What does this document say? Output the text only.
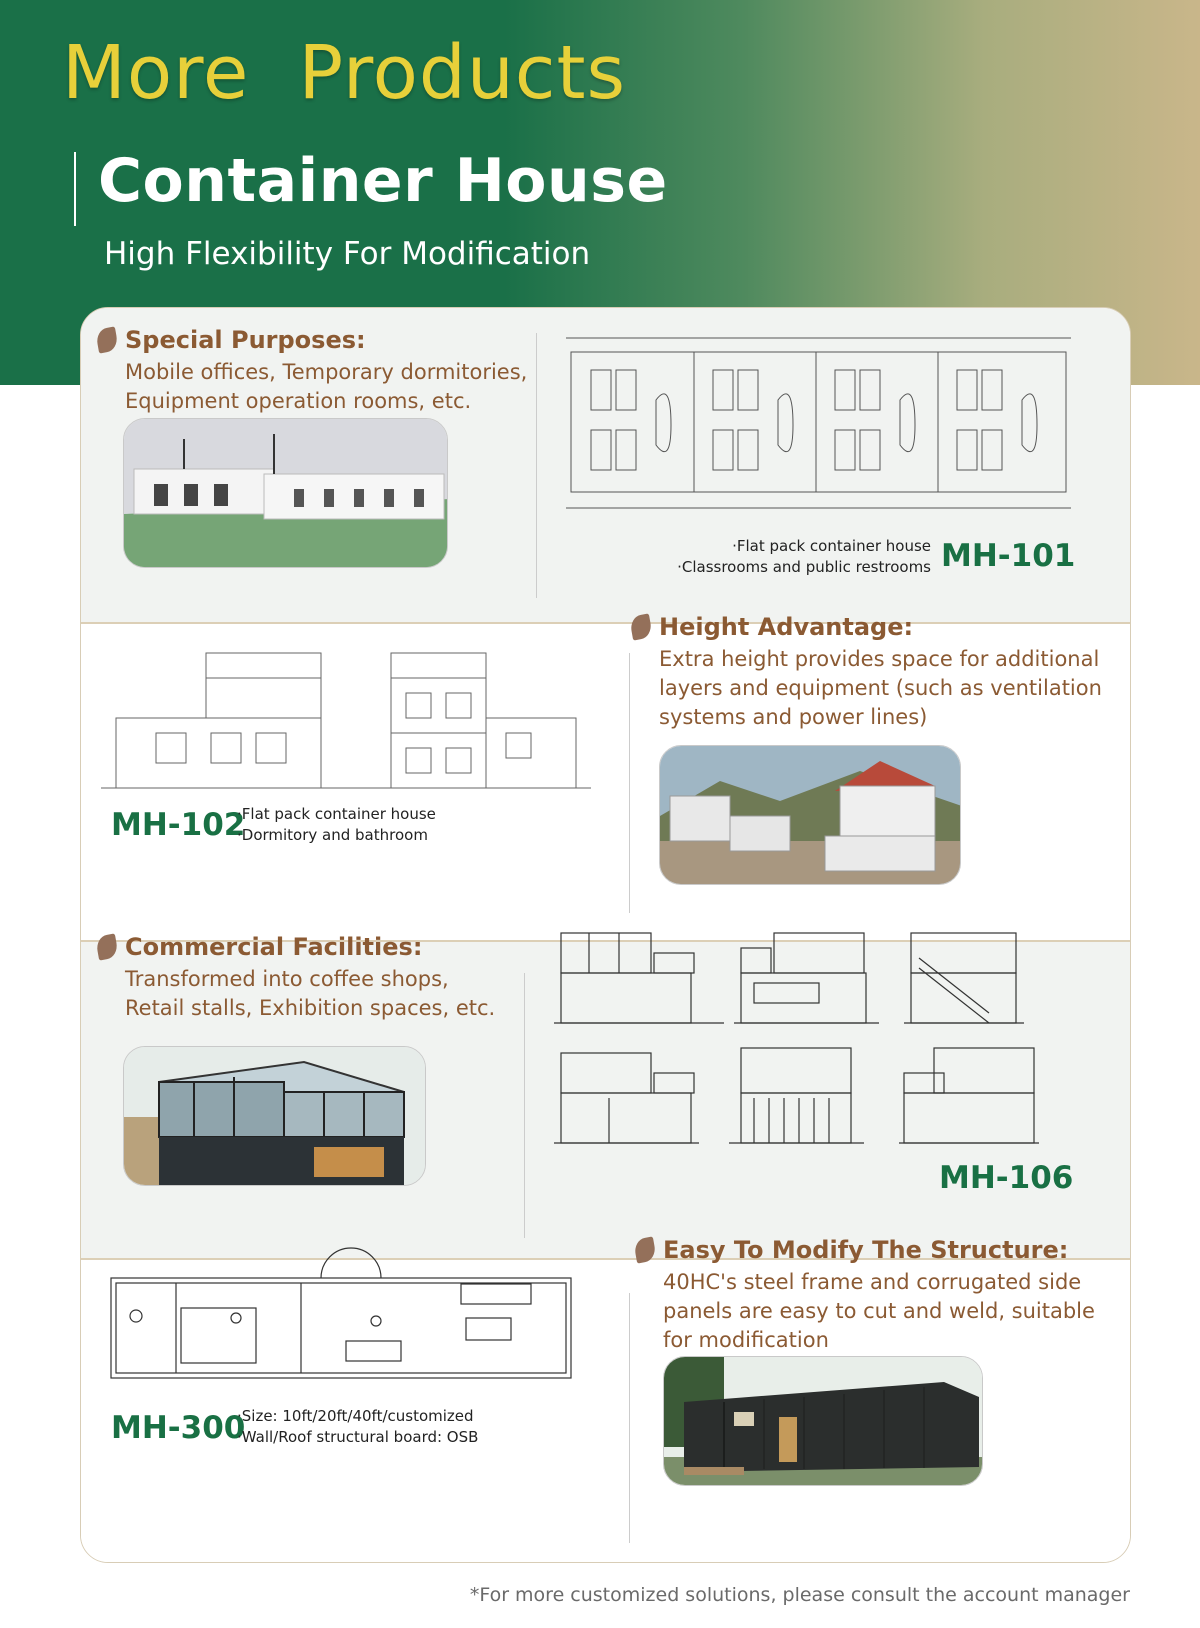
More  Products
Container House
High Flexibility For Modification
Special Purposes:
Mobile offices, Temporary dormitories,
Equipment operation rooms, etc.
·Flat pack container house
·Classrooms and public restrooms MH-101
MH-102
·Flat pack container house
·Dormitory and bathroom
Height Advantage:
Extra height provides space for additional
layers and equipment (such as ventilation
systems and power lines)
Commercial Facilities:
Transformed into coffee shops,
Retail stalls, Exhibition spaces, etc.
MH-106
MH-300
·Size: 10ft/20ft/40ft/customized
·Wall/Roof structural board: OSB
Easy To Modify The Structure:
40HC's steel frame and corrugated side
panels are easy to cut and weld, suitable
for modification
*For more customized solutions, please consult the account manager
